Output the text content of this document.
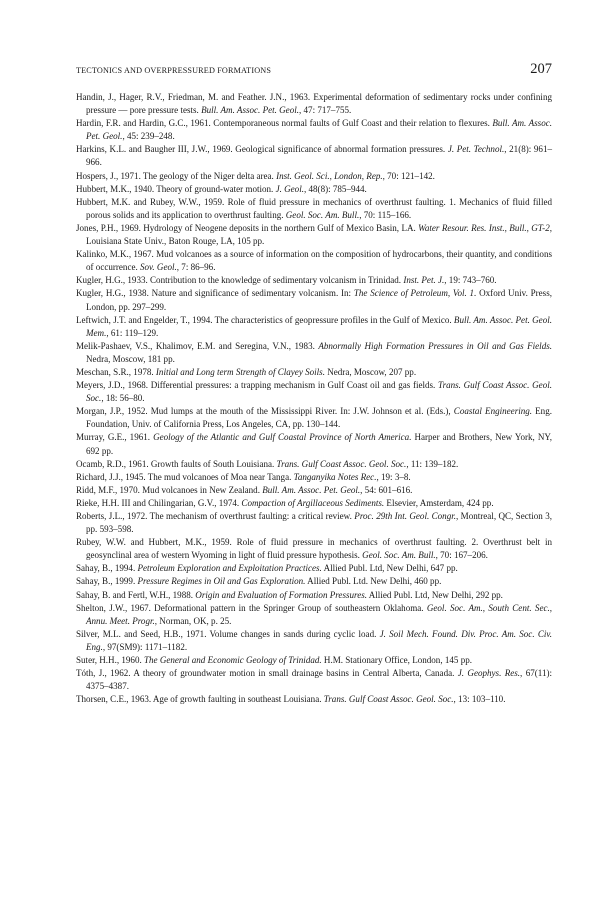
TECTONICS AND OVERPRESSURED FORMATIONS	207
Handin, J., Hager, R.V., Friedman, M. and Feather. J.N., 1963. Experimental deformation of sedimentary rocks under confining pressure — pore pressure tests. Bull. Am. Assoc. Pet. Geol., 47: 717–755.
Hardin, F.R. and Hardin, G.C., 1961. Contemporaneous normal faults of Gulf Coast and their relation to flexures. Bull. Am. Assoc. Pet. Geol., 45: 239–248.
Harkins, K.L. and Baugher III, J.W., 1969. Geological significance of abnormal formation pressures. J. Pet. Technol., 21(8): 961–966.
Hospers, J., 1971. The geology of the Niger delta area. Inst. Geol. Sci., London, Rep., 70: 121–142.
Hubbert, M.K., 1940. Theory of ground-water motion. J. Geol., 48(8): 785–944.
Hubbert, M.K. and Rubey, W.W., 1959. Role of fluid pressure in mechanics of overthrust faulting. 1. Mechanics of fluid filled porous solids and its application to overthrust faulting. Geol. Soc. Am. Bull., 70: 115–166.
Jones, P.H., 1969. Hydrology of Neogene deposits in the northern Gulf of Mexico Basin, LA. Water Resour. Res. Inst., Bull., GT-2, Louisiana State Univ., Baton Rouge, LA, 105 pp.
Kalinko, M.K., 1967. Mud volcanoes as a source of information on the composition of hydrocarbons, their quantity, and conditions of occurrence. Sov. Geol., 7: 86–96.
Kugler, H.G., 1933. Contribution to the knowledge of sedimentary volcanism in Trinidad. Inst. Pet. J., 19: 743–760.
Kugler, H.G., 1938. Nature and significance of sedimentary volcanism. In: The Science of Petroleum, Vol. 1. Oxford Univ. Press, London, pp. 297–299.
Leftwich, J.T. and Engelder, T., 1994. The characteristics of geopressure profiles in the Gulf of Mexico. Bull. Am. Assoc. Pet. Geol. Mem., 61: 119–129.
Melik-Pashaev, V.S., Khalimov, E.M. and Seregina, V.N., 1983. Abnormally High Formation Pressures in Oil and Gas Fields. Nedra, Moscow, 181 pp.
Meschan, S.R., 1978. Initial and Long term Strength of Clayey Soils. Nedra, Moscow, 207 pp.
Meyers, J.D., 1968. Differential pressures: a trapping mechanism in Gulf Coast oil and gas fields. Trans. Gulf Coast Assoc. Geol. Soc., 18: 56–80.
Morgan, J.P., 1952. Mud lumps at the mouth of the Mississippi River. In: J.W. Johnson et al. (Eds.), Coastal Engineering. Eng. Foundation, Univ. of California Press, Los Angeles, CA, pp. 130–144.
Murray, G.E., 1961. Geology of the Atlantic and Gulf Coastal Province of North America. Harper and Brothers, New York, NY, 692 pp.
Ocamb, R.D., 1961. Growth faults of South Louisiana. Trans. Gulf Coast Assoc. Geol. Soc., 11: 139–182.
Richard, J.J., 1945. The mud volcanoes of Moa near Tanga. Tanganyika Notes Rec., 19: 3–8.
Ridd, M.F., 1970. Mud volcanoes in New Zealand. Bull. Am. Assoc. Pet. Geol., 54: 601–616.
Rieke, H.H. III and Chilingarian, G.V., 1974. Compaction of Argillaceous Sediments. Elsevier, Amsterdam, 424 pp.
Roberts, J.L., 1972. The mechanism of overthrust faulting: a critical review. Proc. 29th Int. Geol. Congr., Montreal, QC, Section 3, pp. 593–598.
Rubey, W.W. and Hubbert, M.K., 1959. Role of fluid pressure in mechanics of overthrust faulting. 2. Overthrust belt in geosynclinal area of western Wyoming in light of fluid pressure hypothesis. Geol. Soc. Am. Bull., 70: 167–206.
Sahay, B., 1994. Petroleum Exploration and Exploitation Practices. Allied Publ. Ltd, New Delhi, 647 pp.
Sahay, B., 1999. Pressure Regimes in Oil and Gas Exploration. Allied Publ. Ltd. New Delhi, 460 pp.
Sahay, B. and Fertl, W.H., 1988. Origin and Evaluation of Formation Pressures. Allied Publ. Ltd, New Delhi, 292 pp.
Shelton, J.W., 1967. Deformational pattern in the Springer Group of southeastern Oklahoma. Geol. Soc. Am., South Cent. Sec., Annu. Meet. Progr., Norman, OK, p. 25.
Silver, M.L. and Seed, H.B., 1971. Volume changes in sands during cyclic load. J. Soil Mech. Found. Div. Proc. Am. Soc. Civ. Eng., 97(SM9): 1171–1182.
Suter, H.H., 1960. The General and Economic Geology of Trinidad. H.M. Stationary Office, London, 145 pp.
Tóth, J., 1962. A theory of groundwater motion in small drainage basins in Central Alberta, Canada. J. Geophys. Res., 67(11): 4375–4387.
Thorsen, C.E., 1963. Age of growth faulting in southeast Louisiana. Trans. Gulf Coast Assoc. Geol. Soc., 13: 103–110.
